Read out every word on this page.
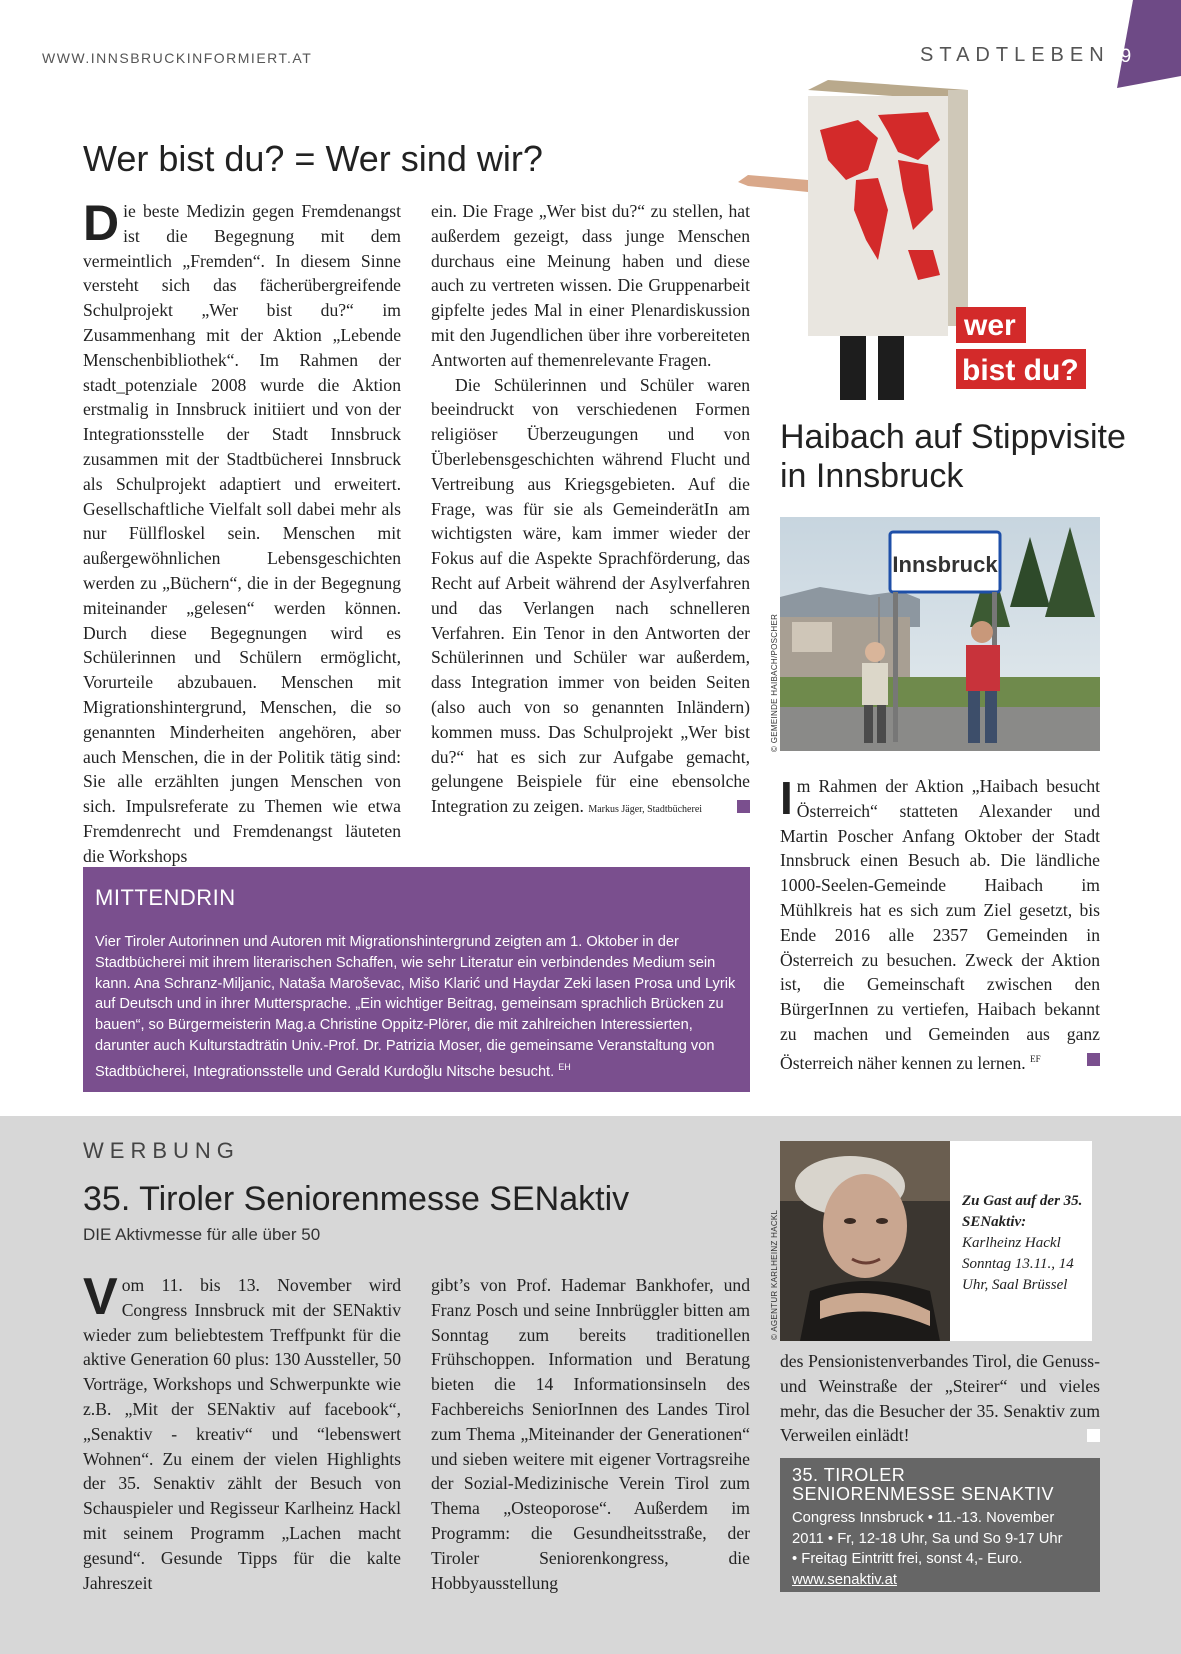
WWW.INNSBRUCKINFORMIERT.AT	STADTLEBEN 39
Wer bist du? = Wer sind wir?
Die beste Medizin gegen Fremdenangst ist die Begegnung mit dem vermeintlich „Fremden“. In diesem Sinne versteht sich das fächerübergreifende Schulprojekt „Wer bist du?“ im Zusammenhang mit der Aktion „Lebende Menschenbibliothek“. Im Rahmen der stadt_potenziale 2008 wurde die Aktion erstmalig in Innsbruck initiiert und von der Integrationsstelle der Stadt Innsbruck zusammen mit der Stadtbücherei Innsbruck als Schulprojekt adaptiert und erweitert. Gesellschaftliche Vielfalt soll dabei mehr als nur Füllfloskel sein. Menschen mit außergewöhnlichen Lebensgeschichten werden zu „Büchern“, die in der Begegnung miteinander „gelesen“ werden können. Durch diese Begegnungen wird es Schülerinnen und Schülern ermöglicht, Vorurteile abzubauen. Menschen mit Migrationshintergrund, Menschen, die so genannten Minderheiten angehören, aber auch Menschen, die in der Politik tätig sind: Sie alle erzählten jungen Menschen von sich. Impulsreferate zu Themen wie etwa Fremdenrecht und Fremdenangst läuteten die Workshops

ein. Die Frage „Wer bist du?“ zu stellen, hat außerdem gezeigt, dass junge Menschen durchaus eine Meinung haben und diese auch zu vertreten wissen. Die Gruppenarbeit gipfelte jedes Mal in einer Plenardiskussion mit den Jugendlichen über ihre vorbereiteten Antworten auf themenrelevante Fragen.

Die Schülerinnen und Schüler waren beeindruckt von verschiedenen Formen religiöser Überzeugungen und von Überlebensgeschichten während Flucht und Vertreibung aus Kriegsgebieten. Auf die Frage, was für sie als GemeinderätIn am wichtigsten wäre, kam immer wieder der Fokus auf die Aspekte Sprachförderung, das Recht auf Arbeit während der Asylverfahren und das Verlangen nach schnelleren Verfahren. Ein Tenor in den Antworten der Schülerinnen und Schüler war außerdem, dass Integration immer von beiden Seiten (also auch von so genannten Inländern) kommen muss. Das Schulprojekt „Wer bist du?“ hat es sich zur Aufgabe gemacht, gelungene Beispiele für eine ebensolche Integration zu zeigen. Markus Jäger, Stadtbücherei

wer
bist du?
MITTENDRIN
Vier Tiroler Autorinnen und Autoren mit Migrationshintergrund zeigten am 1. Oktober in der Stadtbücherei mit ihrem literarischen Schaffen, wie sehr Literatur ein verbindendes Medium sein kann. Ana Schranz-Miljanic, Nataša Maroševac, Mišo Klarić und Haydar Zeki lasen Prosa und Lyrik auf Deutsch und in ihrer Muttersprache. „Ein wichtiger Beitrag, gemeinsam sprachlich Brücken zu bauen“, so Bürgermeisterin Mag.a Christine Oppitz-Plörer, die mit zahlreichen Interessierten, darunter auch Kulturstadträtin Univ.-Prof. Dr. Patrizia Moser, die gemeinsame Veranstaltung von Stadtbücherei, Integrationsstelle und Gerald Kurdoğlu Nitsche besucht. $^{EH}$
Haibach auf Stippvisite in Innsbruck
Innsbruck
© GEMEINDE HAIBACH/POSCHER
Im Rahmen der Aktion „Haibach besucht Österreich“ statteten Alexander und Martin Poscher Anfang Oktober der Stadt Innsbruck einen Besuch ab. Die ländliche 1000-Seelen-Gemeinde Haibach im Mühlkreis hat es sich zum Ziel gesetzt, bis Ende 2016 alle 2357 Gemeinden in Österreich zu besuchen. Zweck der Aktion ist, die Gemeinschaft zwischen den BürgerInnen zu vertiefen, Haibach bekannt zu machen und Gemeinden aus ganz Österreich näher kennen zu lernen. $^{EF}$
WERBUNG
35. Tiroler Seniorenmesse SENaktiv
DIE Aktivmesse für alle über 50
Vom 11. bis 13. November wird Congress Innsbruck mit der SENaktiv wieder zum beliebtestem Treffpunkt für die aktive Generation 60 plus: 130 Aussteller, 50 Vorträge, Workshops und Schwerpunkte wie z.B. „Mit der SENaktiv auf facebook“, „Senaktiv - kreativ“ und “lebenswert Wohnen“. Zu einem der vielen Highlights der 35. Senaktiv zählt der Besuch von Schauspieler und Regisseur Karlheinz Hackl mit seinem Programm „Lachen macht gesund“. Gesunde Tipps für die kalte Jahreszeit
gibt’s von Prof. Hademar Bankhofer, und Franz Posch und seine Innbrüggler bitten am Sonntag zum bereits traditionellen Frühschoppen. Information und Beratung bieten die 14 Informationsinseln des Fachbereichs SeniorInnen des Landes Tirol zum Thema „Miteinander der Generationen“ und sieben weitere mit eigener Vortragsreihe der Sozial-Medizinische Verein Tirol zum Thema „Osteoporose“. Außerdem im Programm: die Gesundheitsstraße, der Tiroler Seniorenkongress, die Hobbyausstellung
© AGENTUR KARLHEINZ HACKL
Zu Gast auf der 35. SENaktiv: Karlheinz Hackl Sonntag 13.11., 14 Uhr, Saal Brüssel
des Pensionistenverbandes Tirol, die Genuss- und Weinstraße der „Steirer“ und vieles mehr, das die Besucher der 35. Senaktiv zum Verweilen einlädt!
35. TIROLER
SENIORENMESSE SENAKTIV
Congress Innsbruck • 11.-13. November
2011 • Fr, 12-18 Uhr, Sa und So 9-17 Uhr
• Freitag Eintritt frei, sonst 4,- Euro.
www.senaktiv.at
